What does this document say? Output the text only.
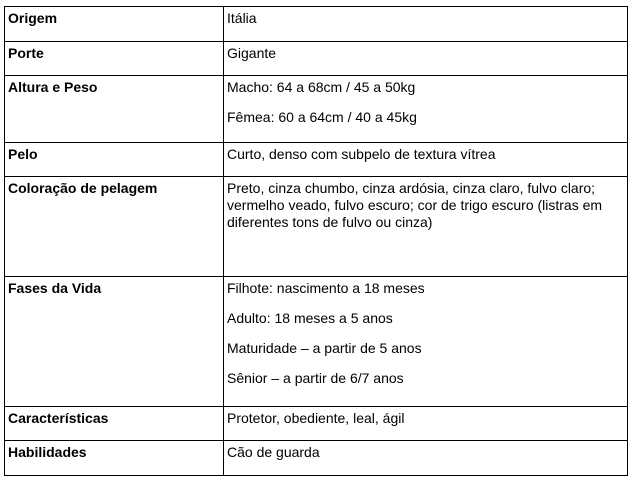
Origem	Itália

Porte	Gigante

Altura e Peso	Macho: 64 a 68cm / 45 a 50kg
Fêmea: 60 a 64cm / 40 a 45kg

Pelo	Curto, denso com subpelo de textura vítrea

Coloração de pelagem	Preto, cinza chumbo, cinza ardósia, cinza claro, fulvo claro; vermelho veado, fulvo escuro; cor de trigo escuro (listras em diferentes tons de fulvo ou cinza)

Fases da Vida	Filhote: nascimento a 18 meses
Adulto: 18 meses a 5 anos
Maturidade – a partir de 5 anos
Sênior – a partir de 6/7 anos

Características	Protetor, obediente, leal, ágil

Habilidades	Cão de guarda
